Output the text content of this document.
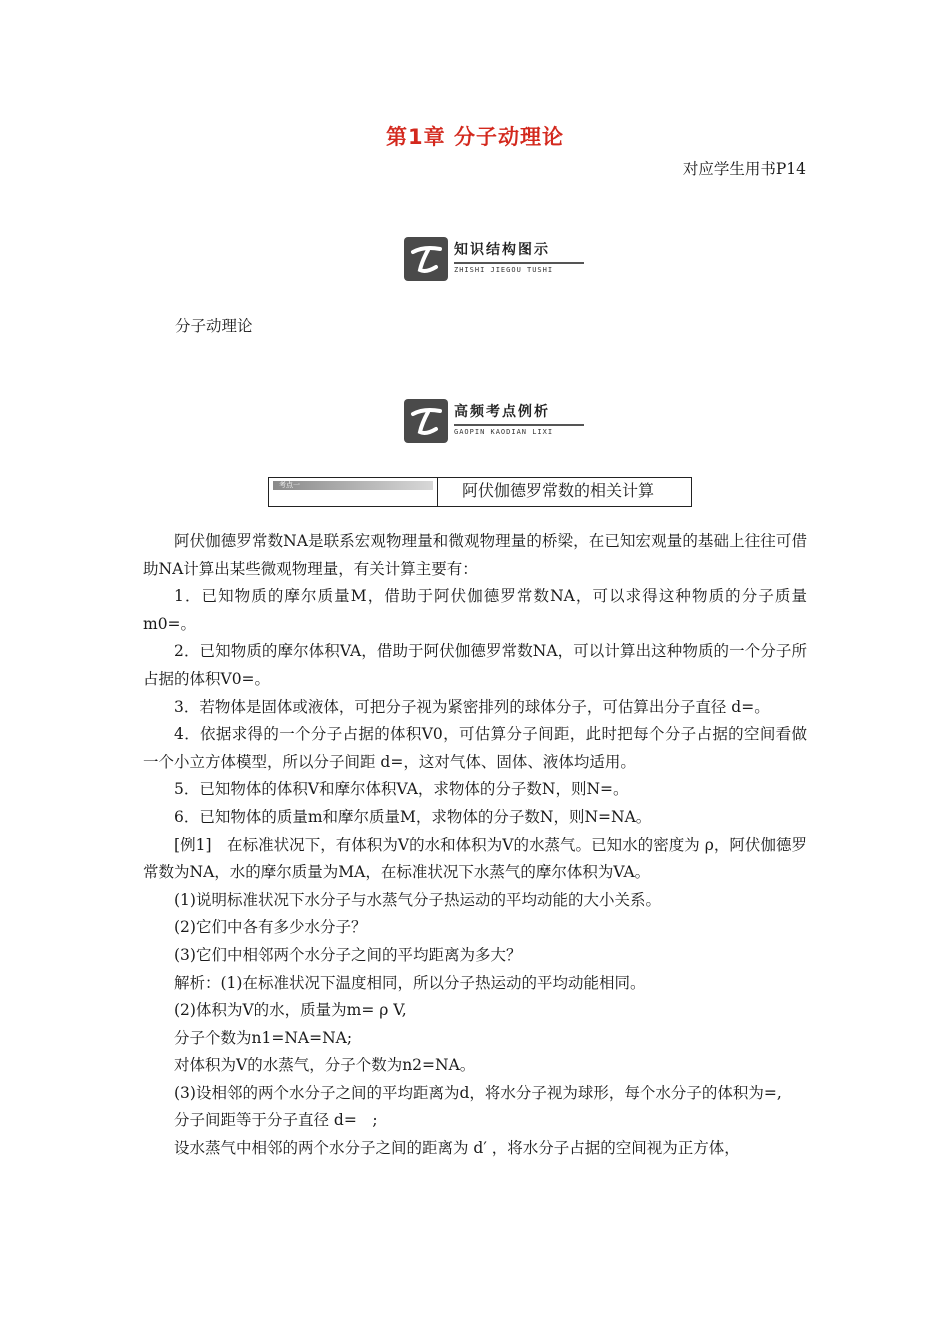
第1章 分子动理论
对应学生用书P14
知识结构图示
ZHISHI JIEGOU TUSHI
分子动理论
高频考点例析
GAOPIN KAODIAN LIXI
考点一	阿伏伽德罗常数的相关计算

阿伏伽德罗常数NA是联系宏观物理量和微观物理量的桥梁，在已知宏观量的基础上往往可借助NA计算出某些微观物理量，有关计算主要有：

1．已知物质的摩尔质量M，借助于阿伏伽德罗常数NA，可以求得这种物质的分子质量m0=。

2．已知物质的摩尔体积VA，借助于阿伏伽德罗常数NA，可以计算出这种物质的一个分子所占据的体积V0=。

3．若物体是固体或液体，可把分子视为紧密排列的球体分子，可估算出分子直径 d=。

4．依据求得的一个分子占据的体积V0，可估算分子间距，此时把每个分子占据的空间看做一个小立方体模型，所以分子间距 d=，这对气体、固体、液体均适用。

5．已知物体的体积V和摩尔体积VA，求物体的分子数N，则N=。

6．已知物体的质量m和摩尔质量M，求物体的分子数N，则N=NA。

[例1]　在标准状况下，有体积为V的水和体积为V的水蒸气。已知水的密度为 ρ，阿伏伽德罗常数为NA，水的摩尔质量为MA，在标准状况下水蒸气的摩尔体积为VA。

(1)说明标准状况下水分子与水蒸气分子热运动的平均动能的大小关系。

(2)它们中各有多少水分子？

(3)它们中相邻两个水分子之间的平均距离为多大？

解析：(1)在标准状况下温度相同，所以分子热运动的平均动能相同。

(2)体积为V的水，质量为m= ρ V,

分子个数为n1=NA=NA;

对体积为V的水蒸气，分子个数为n2=NA。

(3)设相邻的两个水分子之间的平均距离为d，将水分子视为球形，每个水分子的体积为=,

分子间距等于分子直径 d=　;

设水蒸气中相邻的两个水分子之间的距离为 d′ ，将水分子占据的空间视为正方体，
